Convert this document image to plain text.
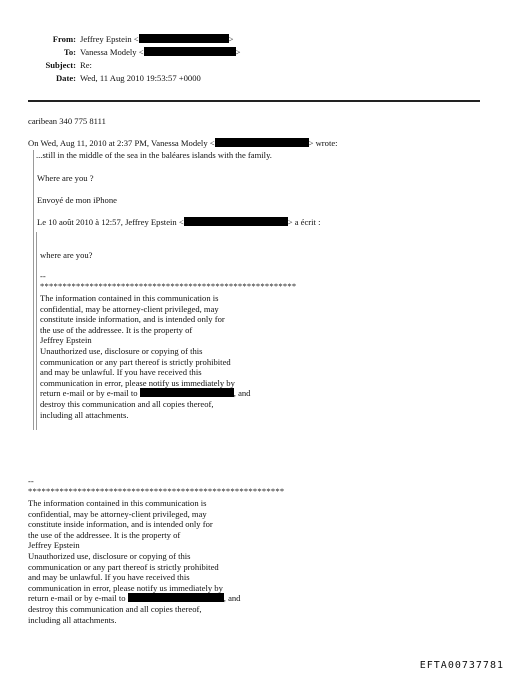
From: Jeffrey Epstein <	>
To: Vanessa Modely <	>
Subject: Re:
Date: Wed, 11 Aug 2010 19:53:57 +0000
caribean 340 775 8111
On Wed, Aug 11, 2010 at 2:37 PM, Vanessa Modely <	> wrote:
...still in the middle of the sea in the baléares islands with the family.
Where are you ?
Envoyé de mon iPhone
Le 10 août 2010 à 12:57, Jeffrey Epstein <	> a écrit :
where are you?
--
*********************************************************
The information contained in this communication is
confidential, may be attorney-client privileged, may
constitute inside information, and is intended only for
the use of the addressee. It is the property of
Jeffrey Epstein
Unauthorized use, disclosure or copying of this
communication or any part thereof is strictly prohibited
and may be unlawful. If you have received this
communication in error, please notify us immediately by
return e-mail or by e-mail to	, and
destroy this communication and all copies thereof,
including all attachments.
--
*********************************************************
The information contained in this communication is
confidential, may be attorney-client privileged, may
constitute inside information, and is intended only for
the use of the addressee. It is the property of
Jeffrey Epstein
Unauthorized use, disclosure or copying of this
communication or any part thereof is strictly prohibited
and may be unlawful. If you have received this
communication in error, please notify us immediately by
return e-mail or by e-mail to	, and
destroy this communication and all copies thereof,
including all attachments.
EFTA00737781
